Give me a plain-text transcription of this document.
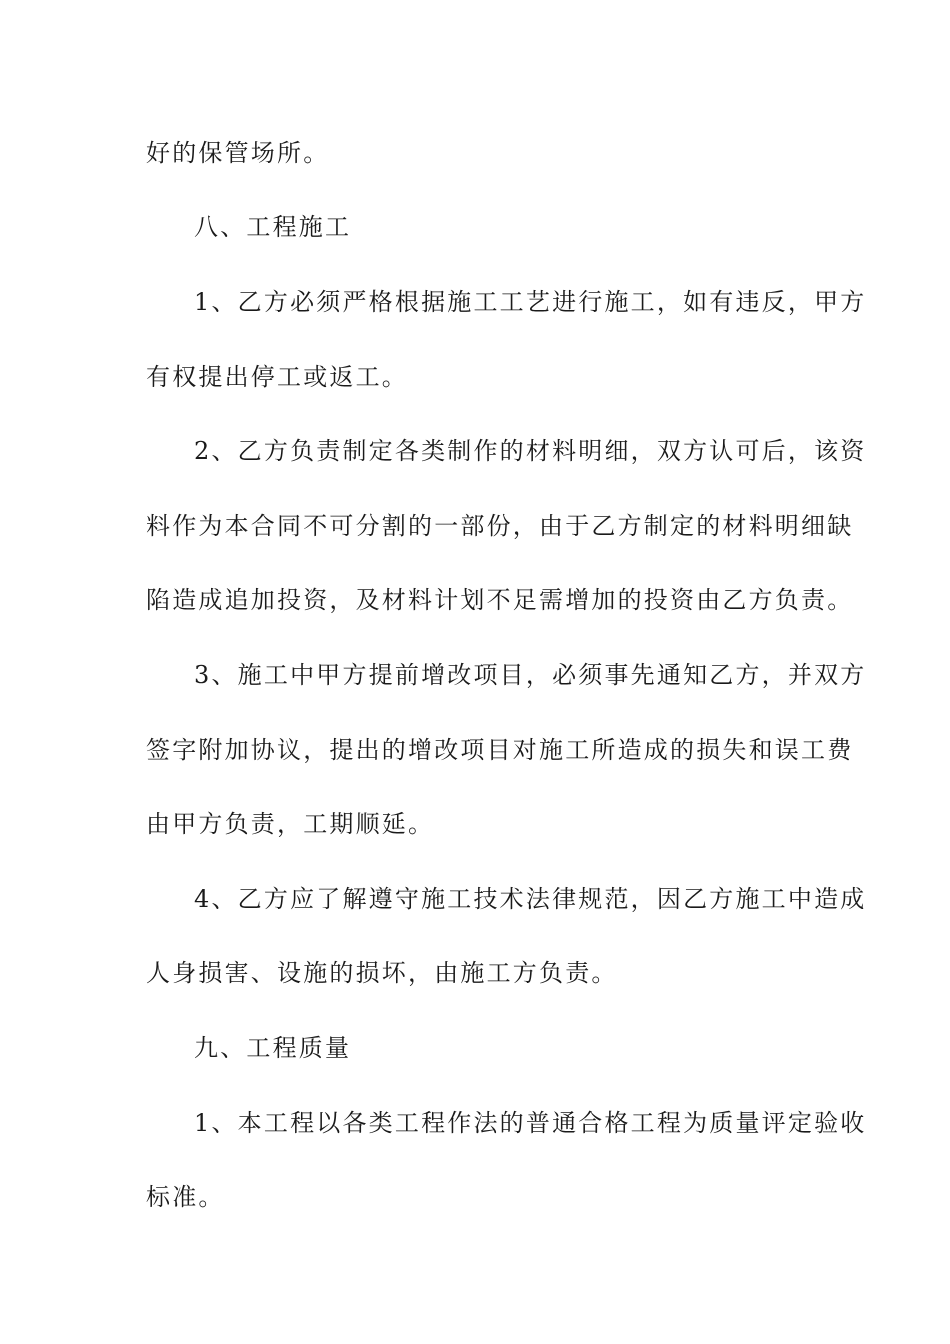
好的保管场所。
八、工程施工
1、乙方必须严格根据施工工艺进行施工，如有违反，甲方
有权提出停工或返工。
2、乙方负责制定各类制作的材料明细，双方认可后，该资
料作为本合同不可分割的一部份，由于乙方制定的材料明细缺
陷造成追加投资，及材料计划不足需增加的投资由乙方负责。
3、施工中甲方提前增改项目，必须事先通知乙方，并双方
签字附加协议，提出的增改项目对施工所造成的损失和误工费
由甲方负责，工期顺延。
4、乙方应了解遵守施工技术法律规范，因乙方施工中造成
人身损害、设施的损坏，由施工方负责。
九、工程质量
1、本工程以各类工程作法的普通合格工程为质量评定验收
标准。
